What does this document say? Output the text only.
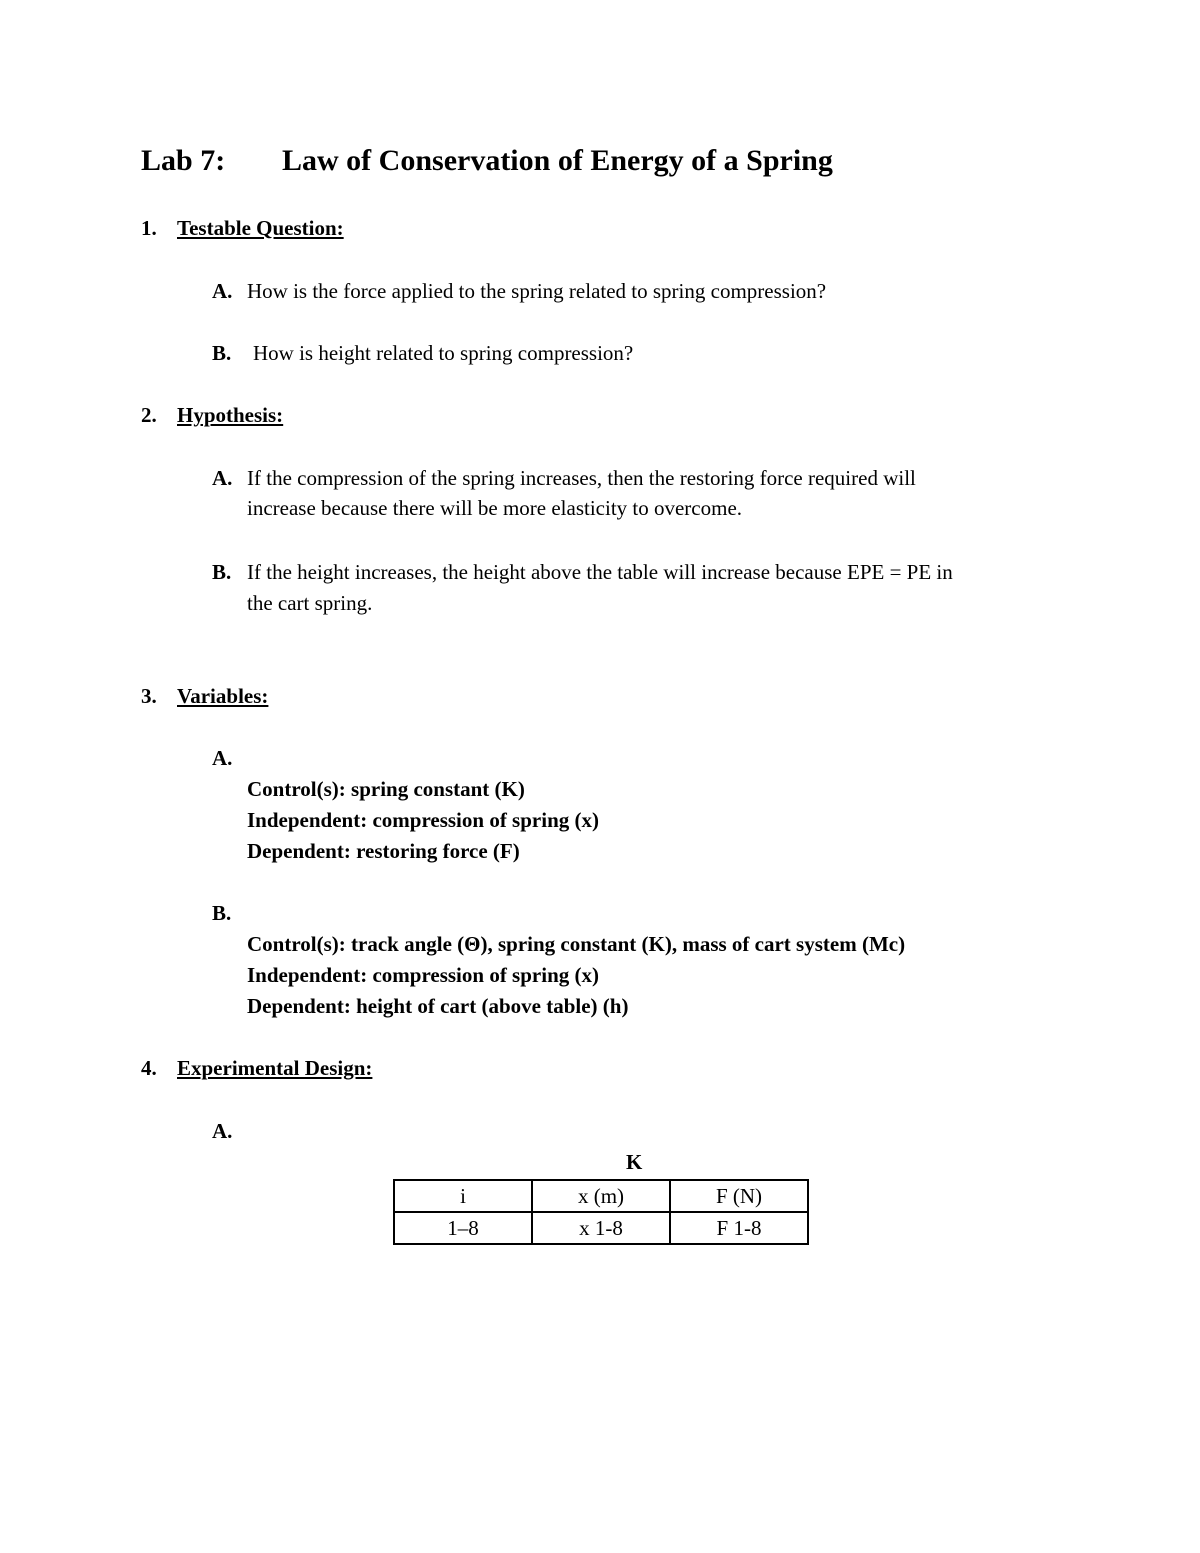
Lab 7: Law of Conservation of Energy of a Spring
1. Testable Question:
A. How is the force applied to the spring related to spring compression?
B. How is height related to spring compression?
2. Hypothesis:
A. If the compression of the spring increases, then the restoring force required will
increase because there will be more elasticity to overcome.
B. If the height increases, the height above the table will increase because EPE = PE in
the cart spring.
3. Variables:
A.
Control(s): spring constant (K)
Independent: compression of spring (x)
Dependent: restoring force (F)
B.
Control(s): track angle (Θ), spring constant (K), mass of cart system (Mc)
Independent: compression of spring (x)
Dependent: height of cart (above table) (h)
4. Experimental Design:
A.
K
i	x (m)	F (N)
1–8	x 1-8	F 1-8
